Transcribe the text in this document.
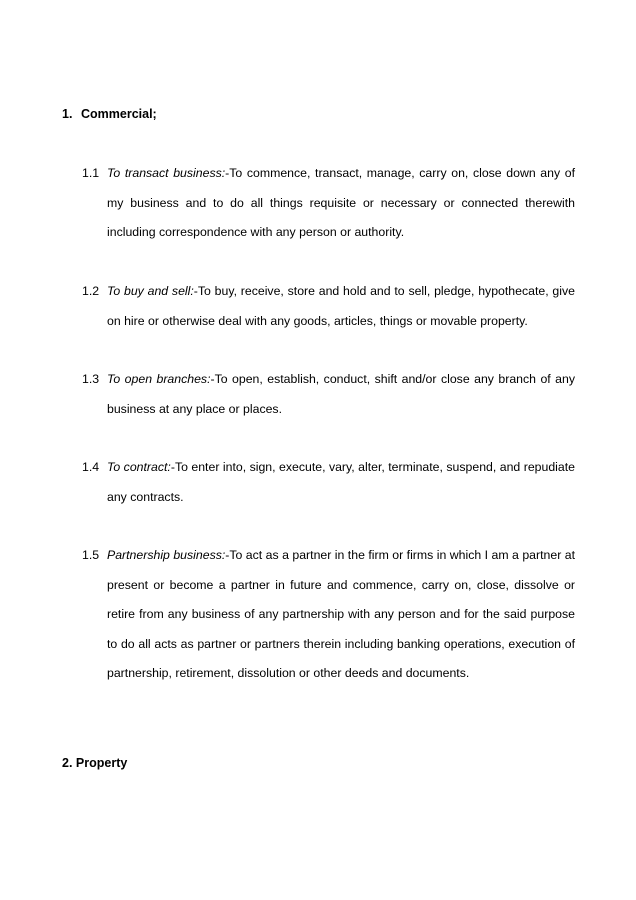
1. Commercial;
1.1 To transact business:-To commence, transact, manage, carry on, close down any of my business and to do all things requisite or necessary or connected therewith including correspondence with any person or authority.
1.2 To buy and sell:-To buy, receive, store and hold and to sell, pledge, hypothecate, give on hire or otherwise deal with any goods, articles, things or movable property.
1.3 To open branches:-To open, establish, conduct, shift and/or close any branch of any business at any place or places.
1.4 To contract:-To enter into, sign, execute, vary, alter, terminate, suspend, and repudiate any contracts.
1.5 Partnership business:-To act as a partner in the firm or firms in which I am a partner at present or become a partner in future and commence, carry on, close, dissolve or retire from any business of any partnership with any person and for the said purpose to do all acts as partner or partners therein including banking operations, execution of partnership, retirement, dissolution or other deeds and documents.
2. Property
